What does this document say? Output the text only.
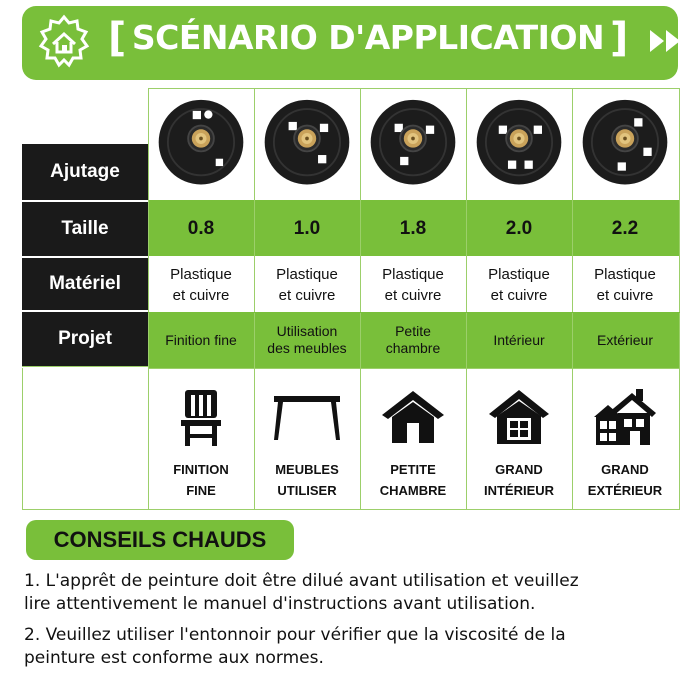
[ SCÉNARIO D'APPLICATION ]
Ajutage
Taille
Matériel
Projet
0.8
Plastique
et cuivre
Finition fine
FINITION
FINE
1.0
Plastique
et cuivre
Utilisation
des meubles
MEUBLES
UTILISER
1.8
Plastique
et cuivre
Petite
chambre
PETITE
CHAMBRE
2.0
Plastique
et cuivre
Intérieur
GRAND
INTÉRIEUR
2.2
Plastique
et cuivre
Extérieur
GRAND
EXTÉRIEUR
CONSEILS CHAUDS
1. L'apprêt de peinture doit être dilué avant utilisation et veuillez
lire attentivement le manuel d'instructions avant utilisation.
2. Veuillez utiliser l'entonnoir pour vérifier que la viscosité de la
peinture est conforme aux normes.
